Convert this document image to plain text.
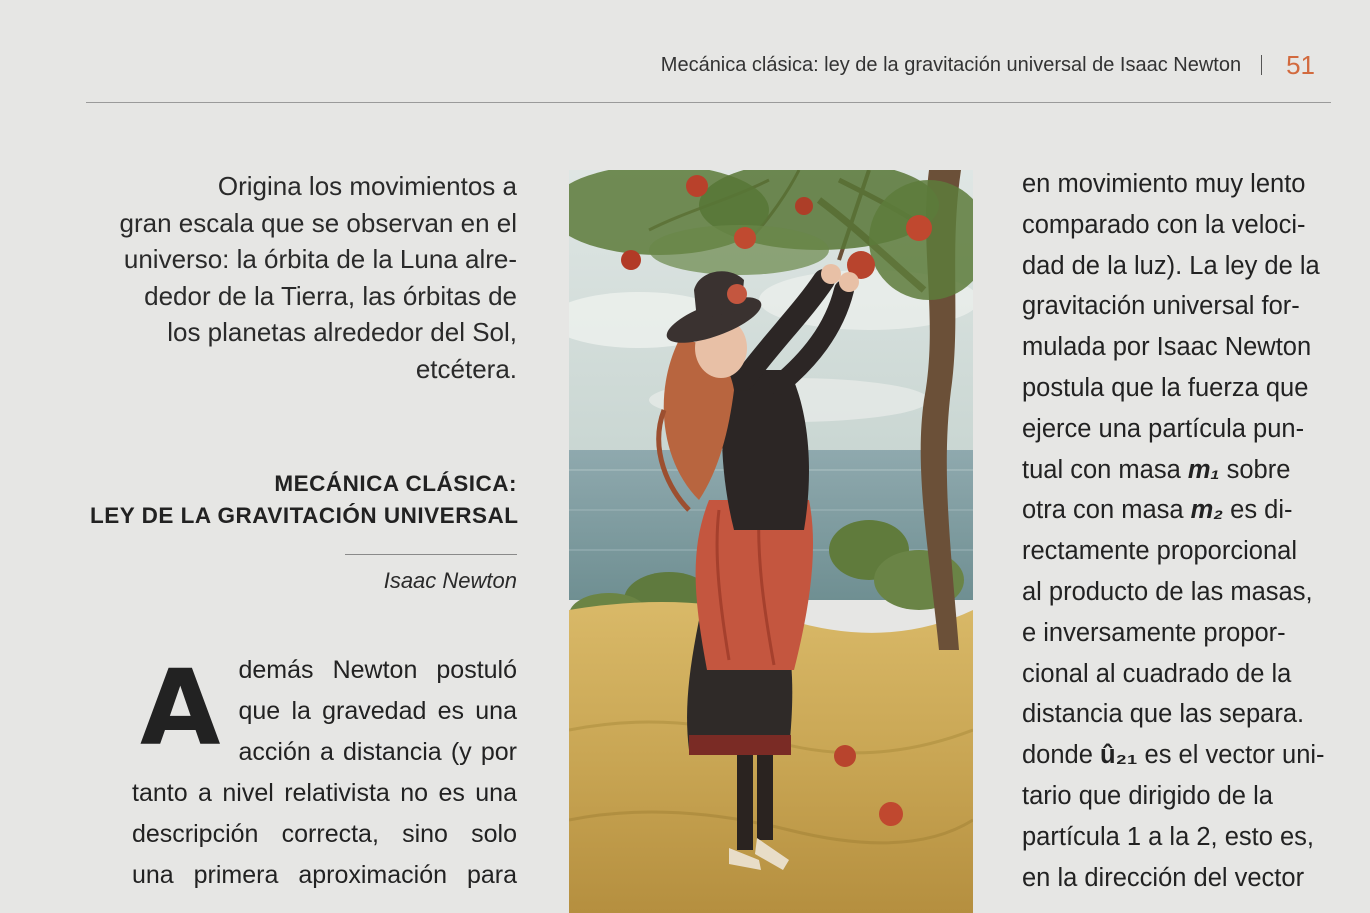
Mecánica clásica: ley de la gravitación universal de Isaac Newton 51
Origina los movimientos a
gran escala que se observan en el
universo: la órbita de la Luna alre-
dedor de la Tierra, las órbitas de
los planetas alrededor del Sol,
etcétera.
MECÁNICA CLÁSICA:
LEY DE LA GRAVITACIÓN UNIVERSAL
Isaac Newton
A demás Newton postuló
que la gravedad es una
acción a distancia (y por
tanto a nivel relativista no es una
descripción correcta, sino solo
una primera aproximación para
en movimiento muy lento
comparado con la veloci-
dad de la luz). La ley de la
gravitación universal for-
mulada por Isaac Newton
postula que la fuerza que
ejerce una partícula pun-
tual con masa m₁ sobre
otra con masa m₂ es di-
rectamente proporcional
al producto de las masas,
e inversamente propor-
cional al cuadrado de la
distancia que las separa.
donde û₂₁ es el vector uni-
tario que dirigido de la
partícula 1 a la 2, esto es,
en la dirección del vector
